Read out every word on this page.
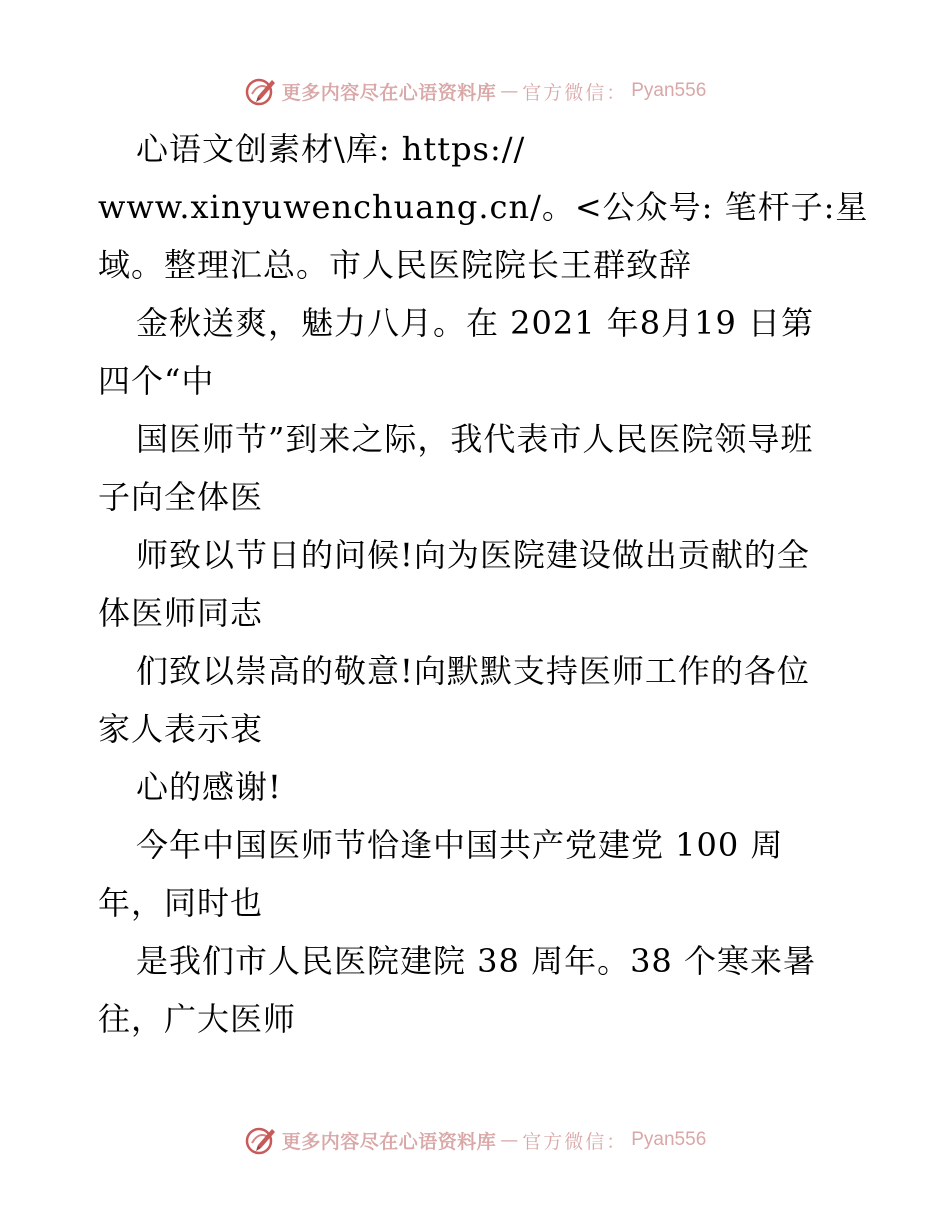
更多内容尽在心语资料库 — 官方微信： Pyan556
心语文创素材\库: https://
www.xinyuwenchuang.cn/。<公众号: 笔杆子:星
域。整理汇总。市人民医院院长王群致辞
金秋送爽，魅力八月。在 2021 年8月19 日第
四个“中
国医师节”到来之际，我代表市人民医院领导班
子向全体医
师致以节日的问候!向为医院建设做出贡献的全
体医师同志
们致以崇高的敬意!向默默支持医师工作的各位
家人表示衷
心的感谢!
今年中国医师节恰逢中国共产党建党 100 周
年，同时也
是我们市人民医院建院 38 周年。38 个寒来暑
往，广大医师
更多内容尽在心语资料库 — 官方微信： Pyan556
